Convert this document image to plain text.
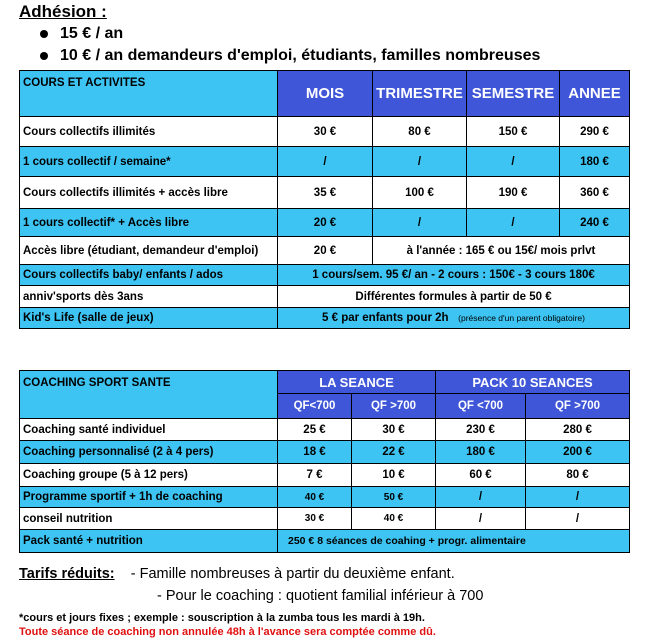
Adhésion :
15 € / an
10 € / an demandeurs d'emploi, étudiants, familles nombreuses
COURS ET ACTIVITES	MOIS	TRIMESTRE	SEMESTRE	ANNEE
Cours collectifs illimités	30 €	80 €	150 €	290 €
1 cours collectif / semaine*	/	/	/	180 €
Cours collectifs illimités + accès libre	35 €	100 €	190 €	360 €
1 cours collectif* + Accès libre	20 €	/	/	240 €
Accès libre (étudiant, demandeur d'emploi)	20 €	à l'année : 165 € ou 15€/ mois prlvt		
Cours collectifs baby/ enfants / ados	1 cours/sem. 95 €/ an - 2 cours : 150€ - 3 cours 180€			
anniv'sports dès 3ans	Différentes formules à partir de 50 €			
Kid's Life (salle de jeux)	5 € par enfants pour 2h (présence d'un parent obligatoire)			
COACHING SPORT SANTE	LA SEANCE		PACK 10 SEANCES	
	QF<700	QF >700	QF <700	QF >700
Coaching santé individuel	25 €	30 €	230 €	280 €
Coaching personnalisé (2 à 4 pers)	18 €	22 €	180 €	200 €
Coaching groupe (5 à 12 pers)	7 €	10 €	60 €	80 €
Programme sportif + 1h de coaching	40 €	50 €	/	/
conseil nutrition	30 €	40 €	/	/
Pack santé + nutrition	250 € 8 séances de coahing + progr. alimentaire			
Tarifs réduits: - Famille nombreuses à partir du deuxième enfant.
- Pour le coaching : quotient familial inférieur à 700
*cours et jours fixes ; exemple : souscription à la zumba tous les mardi à 19h.
Toute séance de coaching non annulée 48h à l'avance sera comptée comme dû.
